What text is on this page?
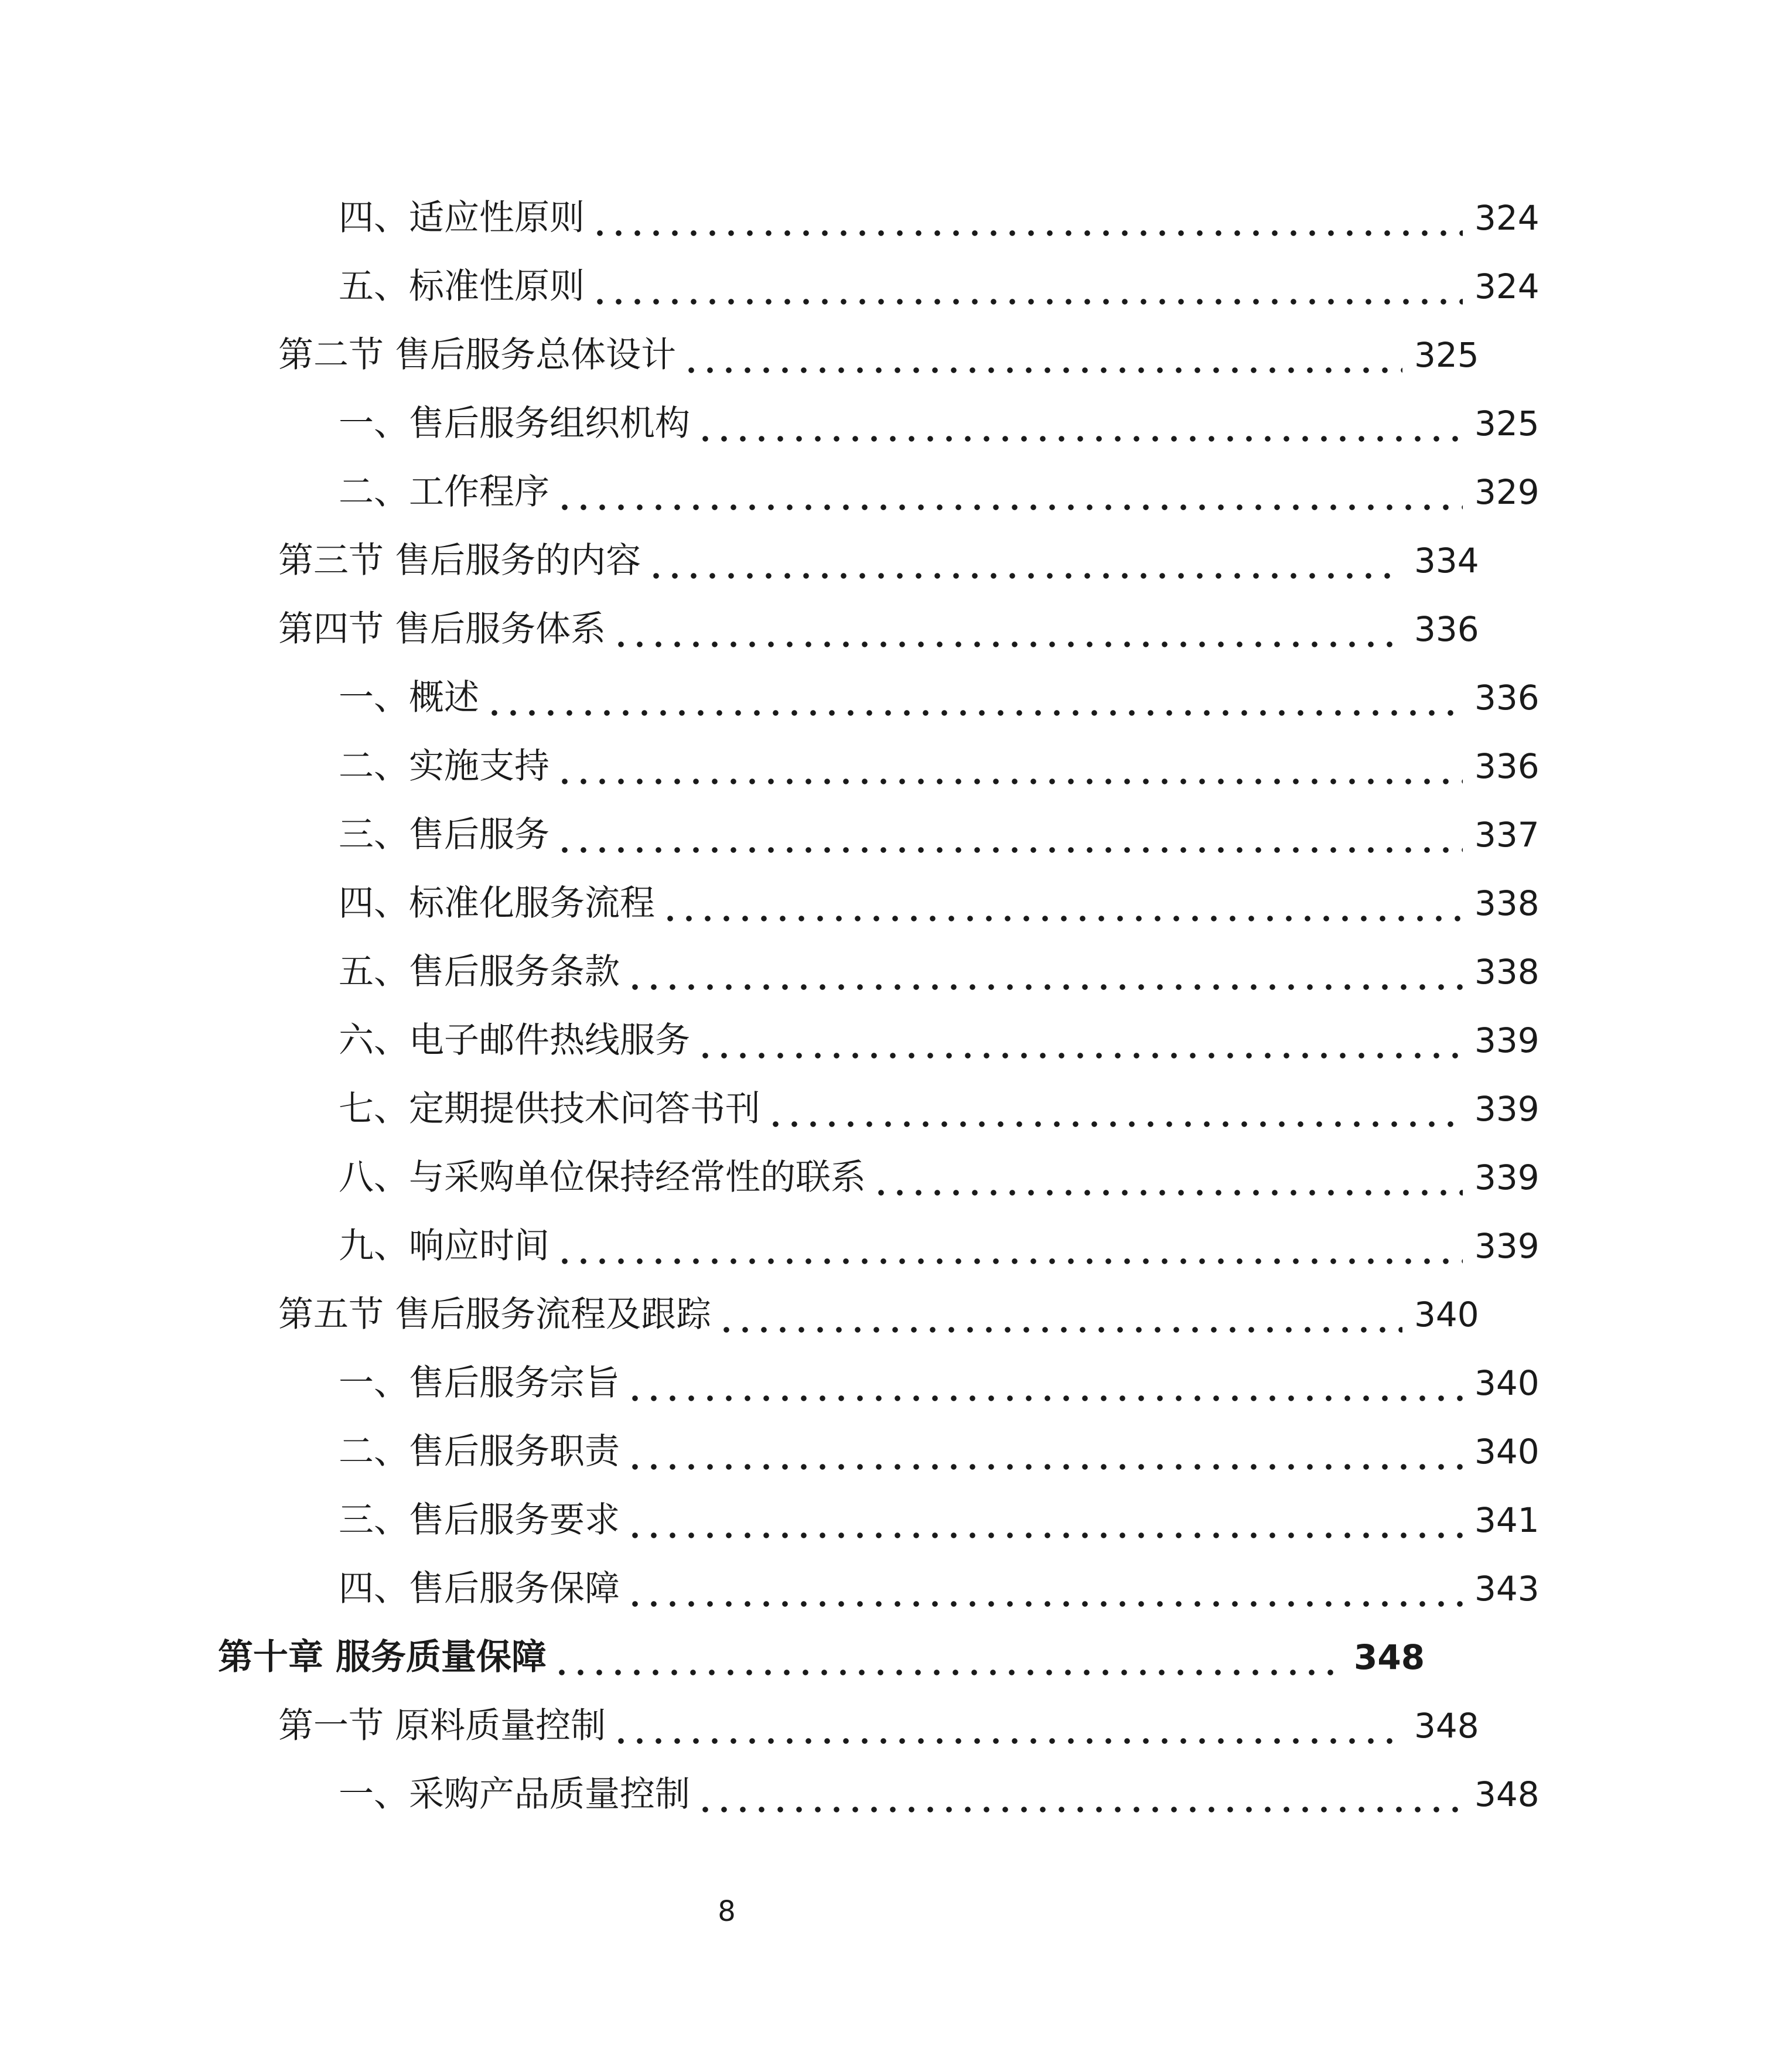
四、适应性原则	324
五、标准性原则	324
第二节 售后服务总体设计	325
一、售后服务组织机构	325
二、工作程序	329
第三节 售后服务的内容	334
第四节 售后服务体系	336
一、概述	336
二、实施支持	336
三、售后服务	337
四、标准化服务流程	338
五、售后服务条款	338
六、电子邮件热线服务	339
七、定期提供技术问答书刊	339
八、与采购单位保持经常性的联系	339
九、响应时间	339
第五节 售后服务流程及跟踪	340
一、售后服务宗旨	340
二、售后服务职责	340
三、售后服务要求	341
四、售后服务保障	343
第十章 服务质量保障	348
第一节 原料质量控制	348
一、采购产品质量控制	348
8
